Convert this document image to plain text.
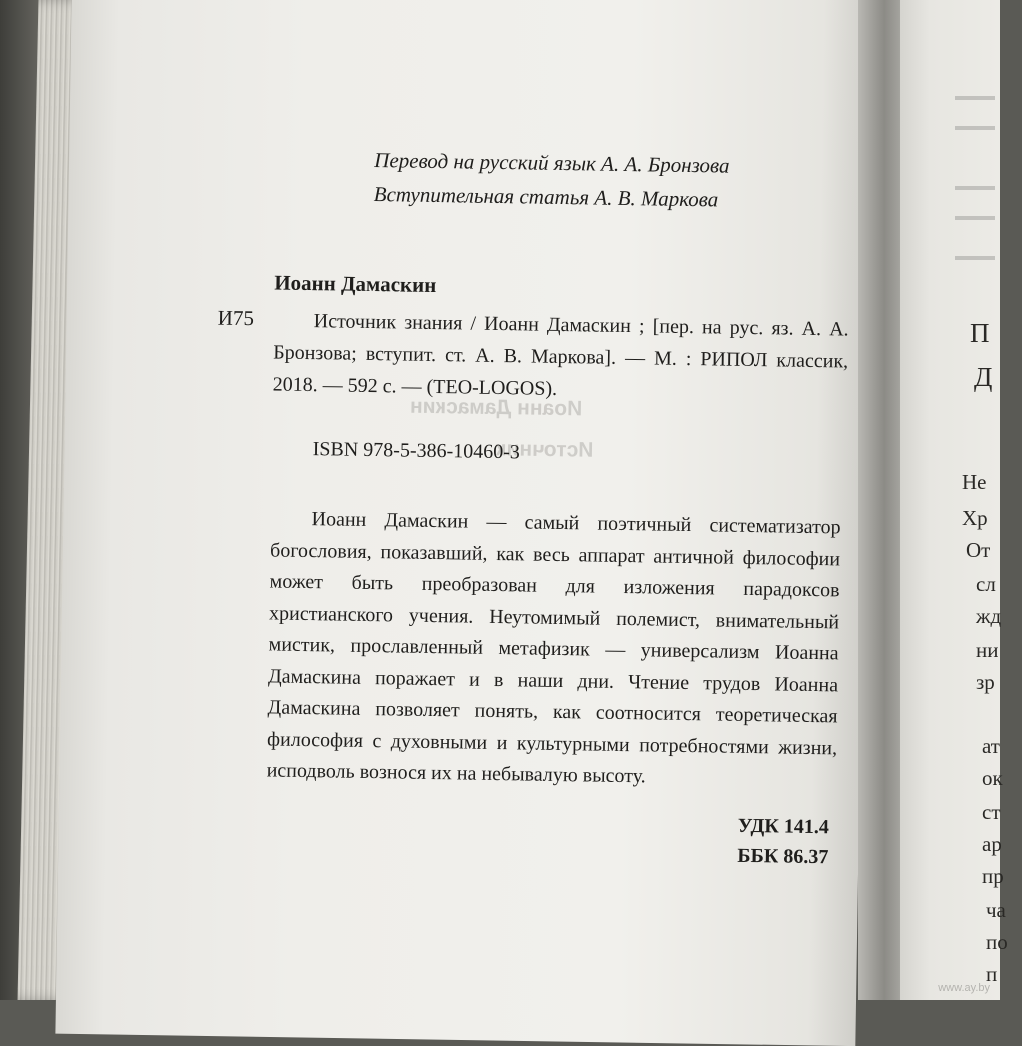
Иоанн Дамаскин
Источник
Перевод на русский язык А. А. Бронзова
Вступительная статья А. В. Маркова
Иоанн Дамаскин
И75	Источник знания / Иоанн Дамаскин ; [пер. на рус. яз. А. А. Бронзова; вступит. ст. А. В. Маркова]. — М. : РИПОЛ классик, 2018. — 592 с. — (TEO-LOGOS).
ISBN 978-5-386-10460-3
Иоанн Дамаскин — самый поэтичный систематизатор богословия, показавший, как весь аппарат античной философии может быть преобразован для изложения парадоксов христианского учения. Неутомимый полемист, внимательный мистик, прославленный метафизик — универсализм Иоанна Дамаскина поражает и в наши дни. Чтение трудов Иоанна Дамаскина позволяет понять, как соотносится теоретическая философия с духовными и культурными потребностями жизни, исподволь вознося их на небывалую высоту.
УДК 141.4
ББК 86.37
П
Д
Не
Хр
От
сл
жд
ни
зр
ат
ок
ст
ар
пр
ча
по
п
www.ay.by
